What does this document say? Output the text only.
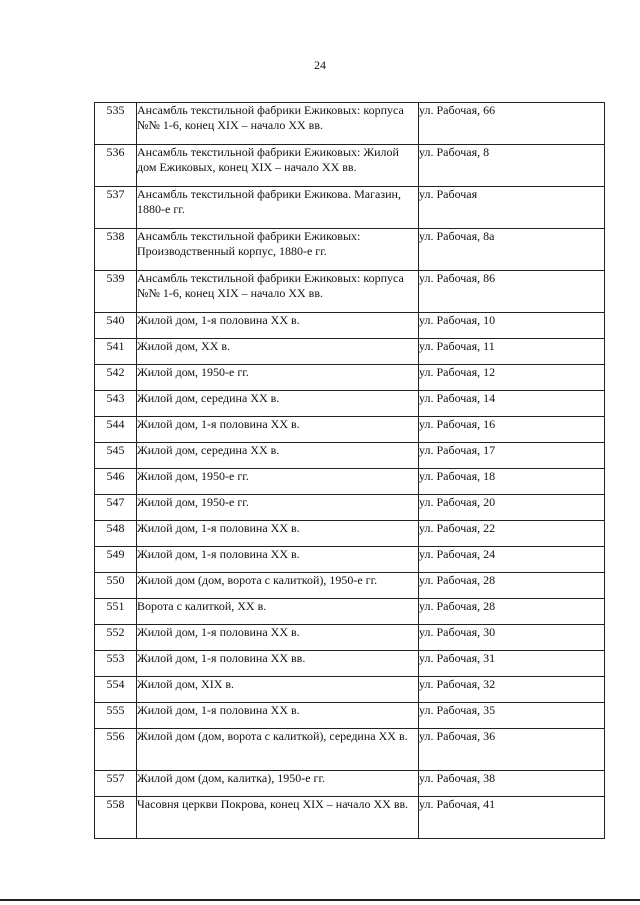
24
535	Ансамбль текстильной фабрики Ежиковых: корпуса №№ 1-6, конец XIX – начало XX вв.	ул. Рабочая, 66
536	Ансамбль текстильной фабрики Ежиковых: Жилой дом Ежиковых, конец XIX – начало XX вв.	ул. Рабочая, 8
537	Ансамбль текстильной фабрики Ежикова. Магазин, 1880-е гг.	ул. Рабочая
538	Ансамбль текстильной фабрики Ежиковых: Производственный корпус, 1880-е гг.	ул. Рабочая, 8а
539	Ансамбль текстильной фабрики Ежиковых: корпуса №№ 1-6, конец XIX – начало XX вв.	ул. Рабочая, 86
540	Жилой дом, 1-я половина XX в.	ул. Рабочая, 10
541	Жилой дом, XX в.	ул. Рабочая, 11
542	Жилой дом, 1950-е гг.	ул. Рабочая, 12
543	Жилой дом, середина XX в.	ул. Рабочая, 14
544	Жилой дом, 1-я половина XX в.	ул. Рабочая, 16
545	Жилой дом, середина XX в.	ул. Рабочая, 17
546	Жилой дом, 1950-е гг.	ул. Рабочая, 18
547	Жилой дом, 1950-е гг.	ул. Рабочая, 20
548	Жилой дом, 1-я половина XX в.	ул. Рабочая, 22
549	Жилой дом, 1-я половина XX в.	ул. Рабочая, 24
550	Жилой дом (дом, ворота с калиткой), 1950-е гг.	ул. Рабочая, 28
551	Ворота с калиткой, XX в.	ул. Рабочая, 28
552	Жилой дом, 1-я половина XX в.	ул. Рабочая, 30
553	Жилой дом, 1-я половина XX вв.	ул. Рабочая, 31
554	Жилой дом, XIX в.	ул. Рабочая, 32
555	Жилой дом, 1-я половина XX в.	ул. Рабочая, 35
556	Жилой дом (дом, ворота с калиткой), середина XX в.	ул. Рабочая, 36
557	Жилой дом (дом, калитка), 1950-е гг.	ул. Рабочая, 38
558	Часовня церкви Покрова, конец XIX – начало XX вв.	ул. Рабочая, 41
